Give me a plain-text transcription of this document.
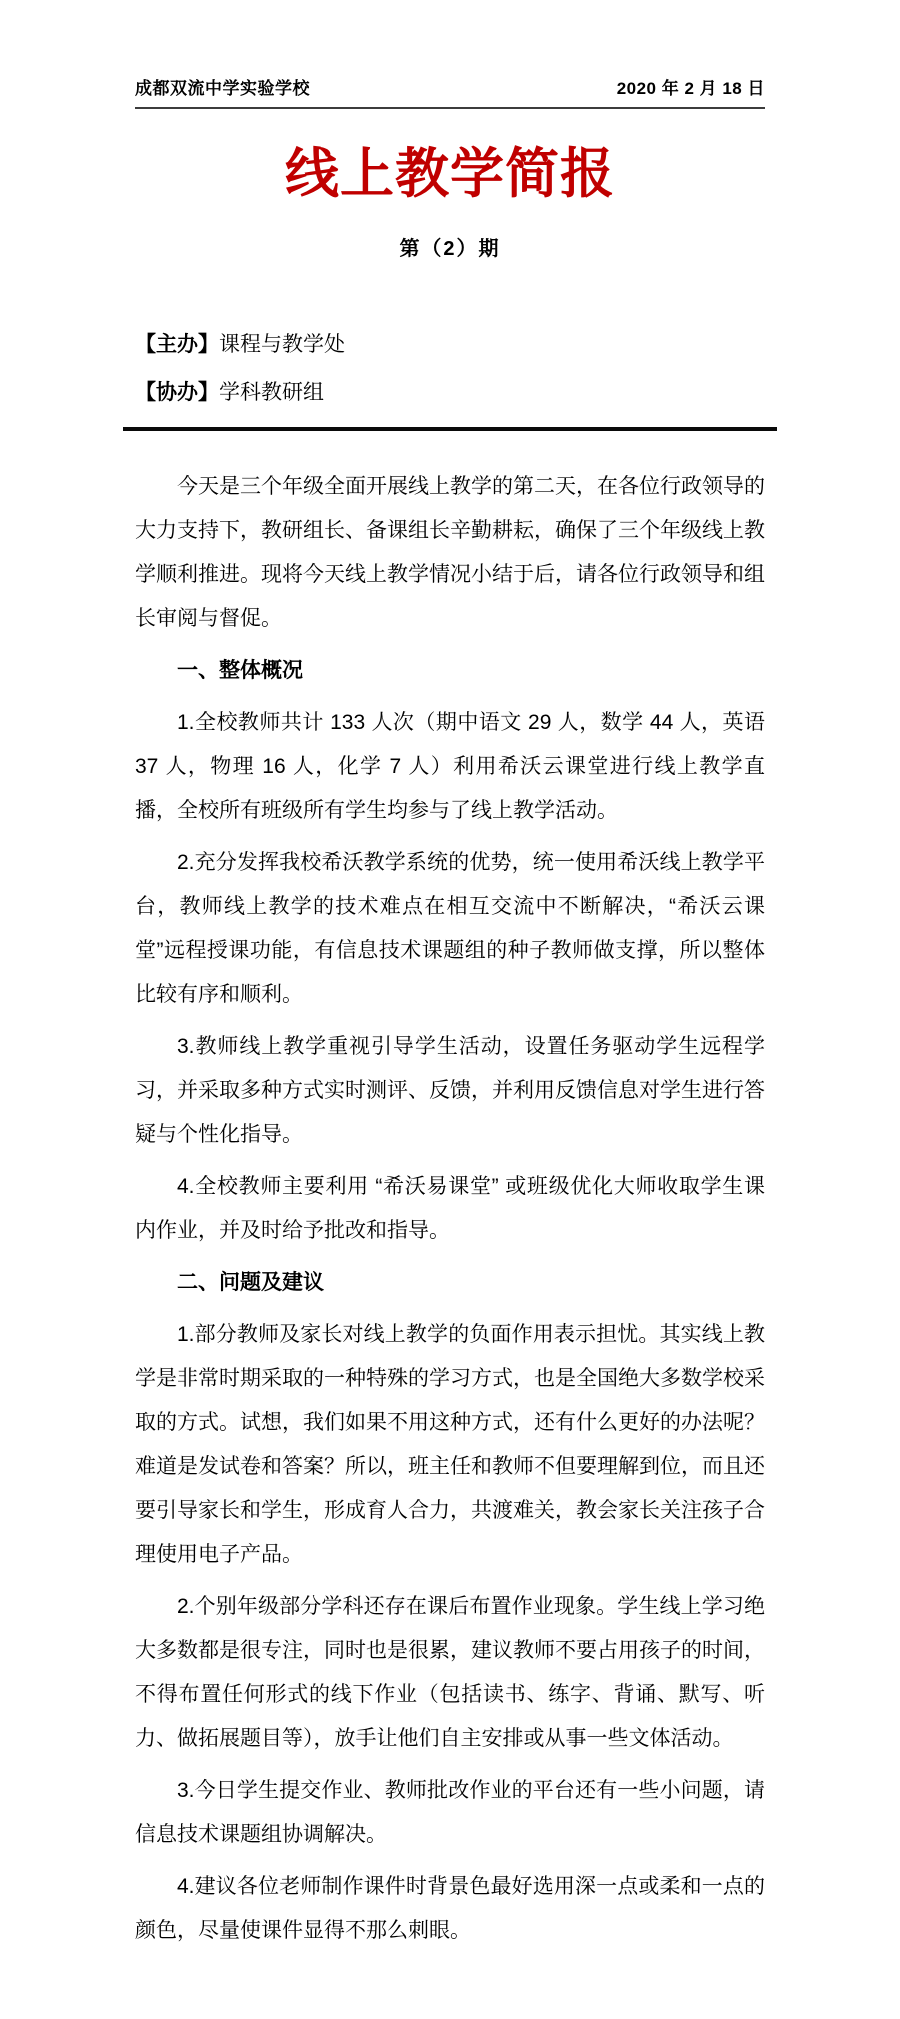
成都双流中学实验学校	2020 年 2 月 18 日
线上教学简报
第（2）期
【主办】课程与教学处
【协办】学科教研组

今天是三个年级全面开展线上教学的第二天，在各位行政领导的大力支持下，教研组长、备课组长辛勤耕耘，确保了三个年级线上教学顺利推进。现将今天线上教学情况小结于后，请各位行政领导和组长审阅与督促。

一、整体概况

1.全校教师共计 133 人次（期中语文 29 人，数学 44 人，英语 37 人，物理 16 人，化学 7 人）利用希沃云课堂进行线上教学直播，全校所有班级所有学生均参与了线上教学活动。

2.充分发挥我校希沃教学系统的优势，统一使用希沃线上教学平台，教师线上教学的技术难点在相互交流中不断解决，“希沃云课堂”远程授课功能，有信息技术课题组的种子教师做支撑，所以整体比较有序和顺利。

3.教师线上教学重视引导学生活动，设置任务驱动学生远程学习，并采取多种方式实时测评、反馈，并利用反馈信息对学生进行答疑与个性化指导。

4.全校教师主要利用 “希沃易课堂” 或班级优化大师收取学生课内作业，并及时给予批改和指导。

二、问题及建议

1.部分教师及家长对线上教学的负面作用表示担忧。其实线上教学是非常时期采取的一种特殊的学习方式，也是全国绝大多数学校采取的方式。试想，我们如果不用这种方式，还有什么更好的办法呢？难道是发试卷和答案？所以，班主任和教师不但要理解到位，而且还要引导家长和学生，形成育人合力，共渡难关，教会家长关注孩子合理使用电子产品。

2.个别年级部分学科还存在课后布置作业现象。学生线上学习绝大多数都是很专注，同时也是很累，建议教师不要占用孩子的时间，不得布置任何形式的线下作业（包括读书、练字、背诵、默写、听力、做拓展题目等），放手让他们自主安排或从事一些文体活动。

3.今日学生提交作业、教师批改作业的平台还有一些小问题，请信息技术课题组协调解决。

4.建议各位老师制作课件时背景色最好选用深一点或柔和一点的颜色，尽量使课件显得不那么刺眼。
